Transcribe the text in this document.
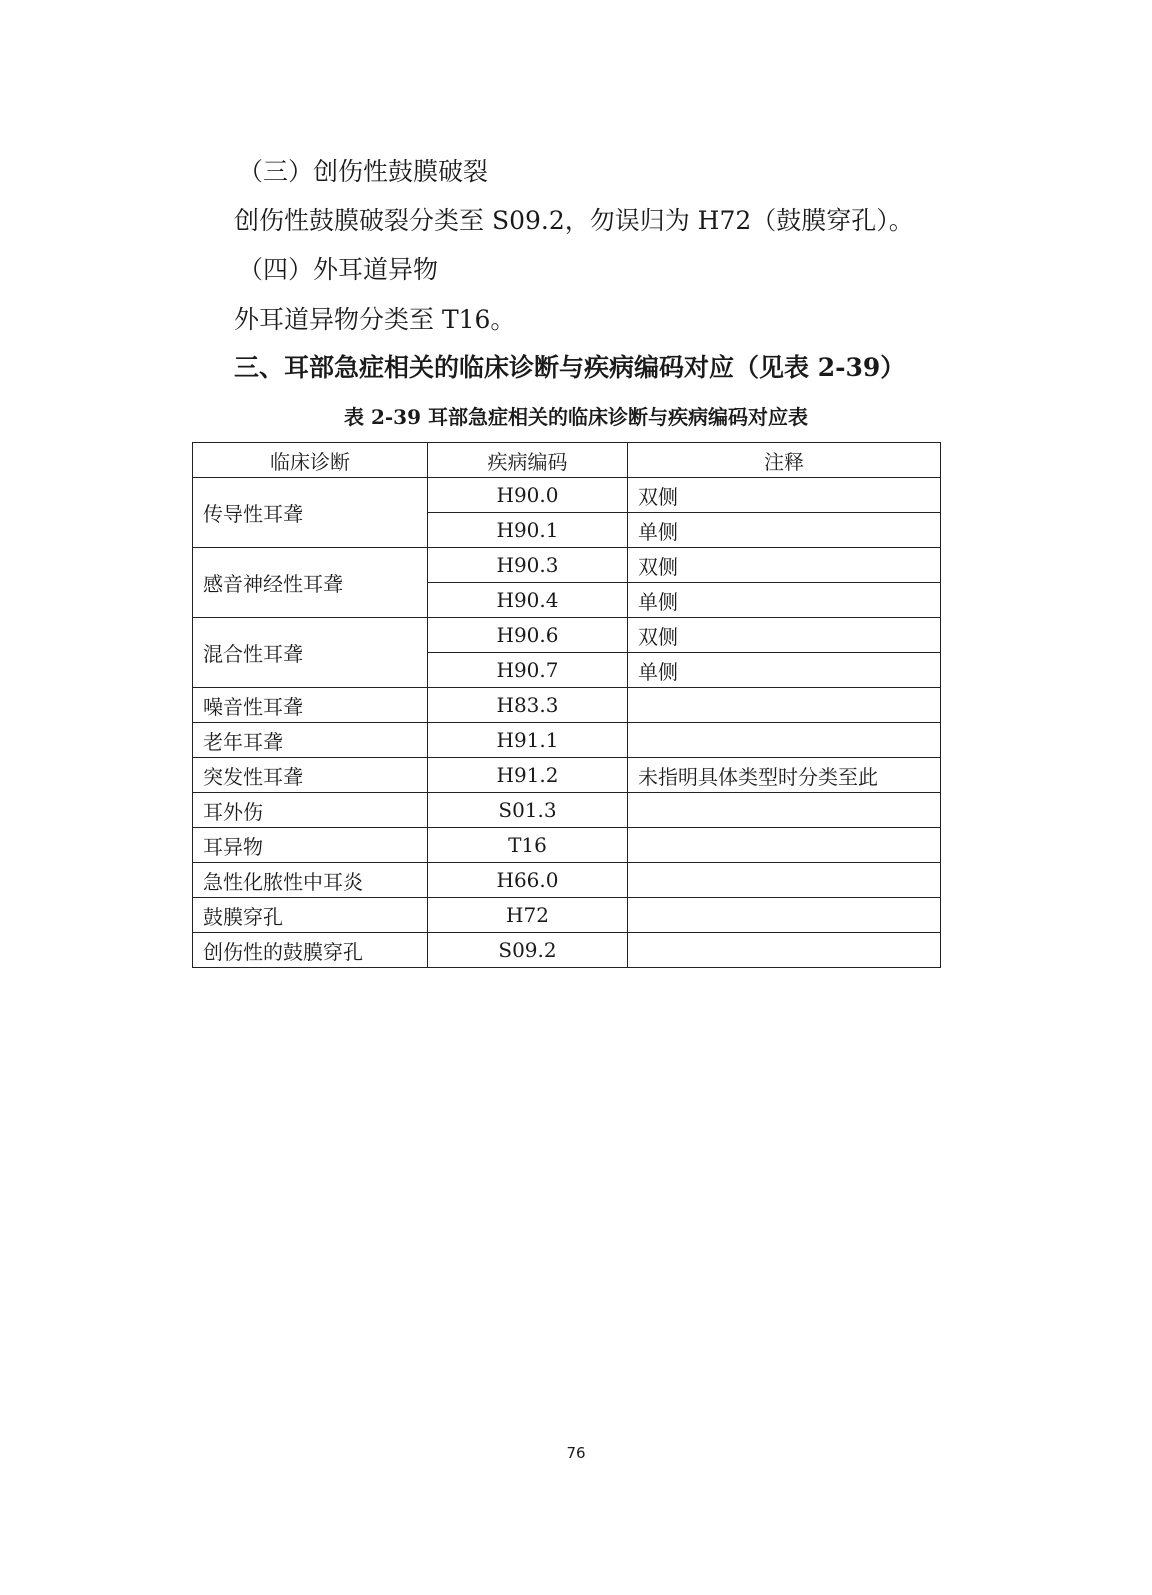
（三）创伤性鼓膜破裂
创伤性鼓膜破裂分类至 S09.2，勿误归为 H72（鼓膜穿孔）。
（四）外耳道异物
外耳道异物分类至 T16。
三、耳部急症相关的临床诊断与疾病编码对应（见表 2-39）
表 2-39 耳部急症相关的临床诊断与疾病编码对应表
临床诊断	疾病编码	注释
传导性耳聋	H90.0	双侧
	H90.1	单侧
感音神经性耳聋	H90.3	双侧
	H90.4	单侧
混合性耳聋	H90.6	双侧
	H90.7	单侧
噪音性耳聋	H83.3	
老年耳聋	H91.1	
突发性耳聋	H91.2	未指明具体类型时分类至此
耳外伤	S01.3	
耳异物	T16	
急性化脓性中耳炎	H66.0	
鼓膜穿孔	H72	
创伤性的鼓膜穿孔	S09.2	
76
